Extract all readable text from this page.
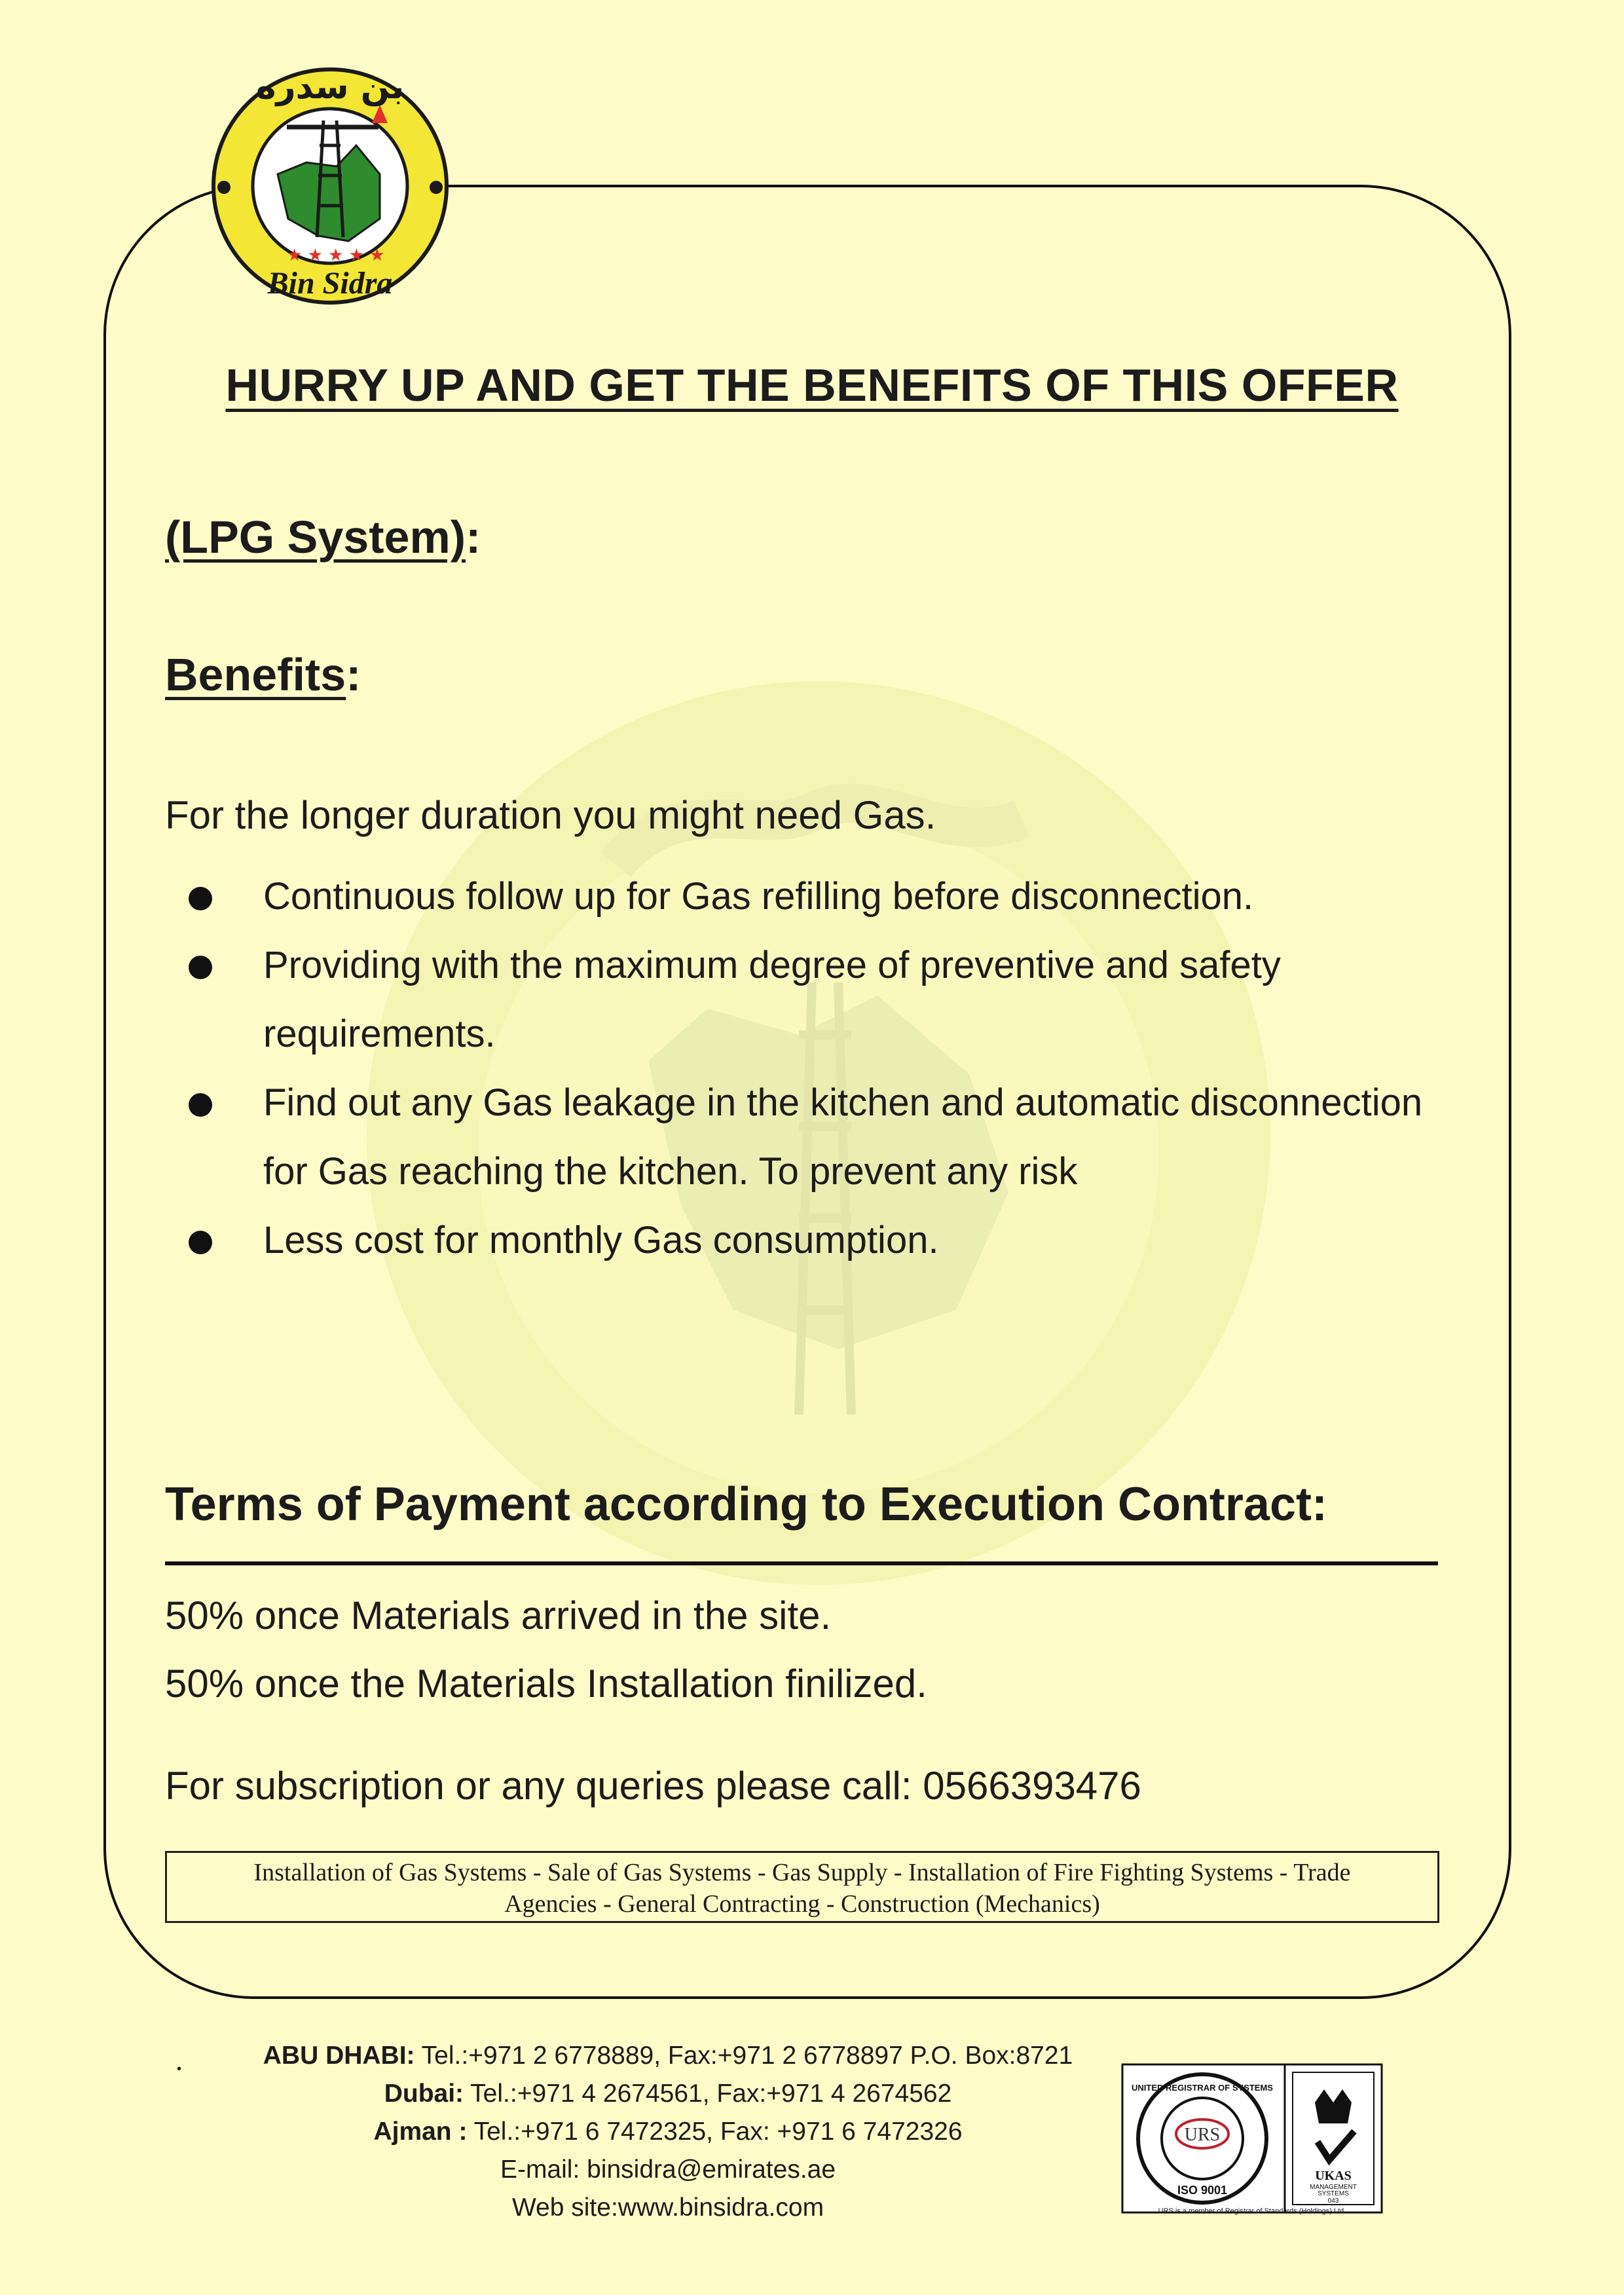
★ ★ ★ ★ ★
بن سدره
Bin Sidra
HURRY UP AND GET THE BENEFITS OF THIS OFFER
(LPG System):
Benefits:
For the longer duration you might need Gas.
Continuous follow up for Gas refilling before disconnection.
Providing with the maximum degree of preventive and safety
requirements.
Find out any Gas leakage in the kitchen and automatic disconnection
for Gas reaching the kitchen. To prevent any risk
Less cost for monthly Gas consumption.
Terms of Payment according to Execution Contract:
50% once Materials arrived in the site.
50% once the Materials Installation finilized.
For subscription or any queries please call: 0566393476
Installation of Gas Systems - Sale of Gas Systems - Gas Supply - Installation of Fire Fighting Systems - Trade
Agencies - General Contracting - Construction (Mechanics)
•	ABU DHABI: Tel.:+971 2 6778889, Fax:+971 2 6778897 P.O. Box:8721
Dubai: Tel.:+971 4 2674561, Fax:+971 4 2674562
Ajman : Tel.:+971 6 7472325, Fax: +971 6 7472326
E-mail: binsidra@emirates.ae
Web site:www.binsidra.com
URS
UNITED REGISTRAR OF SYSTEMS
ISO 9001
UKAS
MANAGEMENT
SYSTEMS
043
URS is a member of Registrar of Standards (Holdings) Ltd.
